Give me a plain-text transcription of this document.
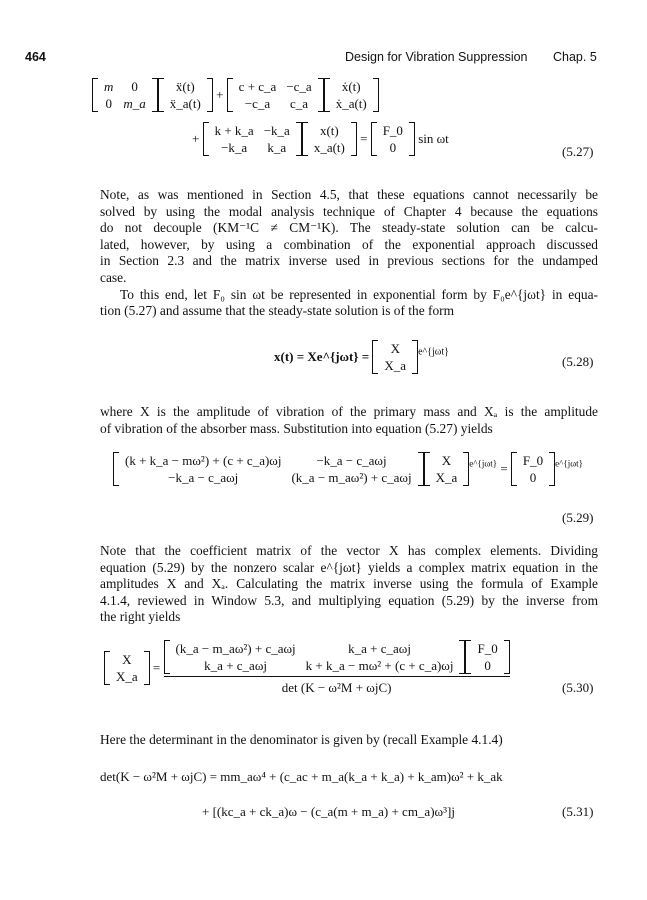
464	Design for Vibration Suppression Chap. 5
m	0
0	m_a
ẍ(t)
ẍ_a(t)
+
c + c_a	−c_a
−c_a	c_a
ẋ(t)
ẋ_a(t)
+
k + k_a	−k_a
−k_a	k_a
x(t)
x_a(t)
=
F_0
0
sin ωt
(5.27)
Note, as was mentioned in Section 4.5, that these equations cannot necessarily be
solved by using the modal analysis technique of Chapter 4 because the equations
do not decouple (KM⁻¹C ≠ CM⁻¹K). The steady-state solution can be calcu-
lated, however, by using a combination of the exponential approach discussed
in Section 2.3 and the matrix inverse used in previous sections for the undamped
case.
To this end, let F₀ sin ωt be represented in exponential form by F₀e^{jωt} in equa-
tion (5.27) and assume that the steady-state solution is of the form
x(t) = Xe^{jωt} =
X
X_a
$^{e\^{}\{j\omega t\}}$
(5.28)
where X is the amplitude of vibration of the primary mass and Xₐ is the amplitude
of vibration of the absorber mass. Substitution into equation (5.27) yields
(k + k_a − mω²) + (c + c_a)ωj	−k_a − c_aωj
−k_a − c_aωj	(k_a − m_aω²) + c_aωj
X
X_a
$^{e\^{}\{j\omega t\}}$ =
F_0
0
$^{e\^{}\{j\omega t\}}$
(5.29)
Note that the coefficient matrix of the vector X has complex elements. Dividing
equation (5.29) by the nonzero scalar e^{jωt} yields a complex matrix equation in the
amplitudes X and Xₐ. Calculating the matrix inverse using the formula of Example
4.1.4, reviewed in Window 5.3, and multiplying equation (5.29) by the inverse from
the right yields
X
X_a
=
(k_a − m_aω²) + c_aωj	k_a + c_aωj
k_a + c_aωj	k + k_a − mω² + (c + c_a)ωj
F_0
0
det (K − ω²M + ωjC)	(5.30)
Here the determinant in the denominator is given by (recall Example 4.1.4)
det(K − ω²M + ωjC) = mm_aω⁴ + (c_ac + m_a(k_a + k_a) + k_am)ω² + k_ak
+ [(kc_a + ck_a)ω − (c_a(m + m_a) + cm_a)ω³]j	(5.31)
